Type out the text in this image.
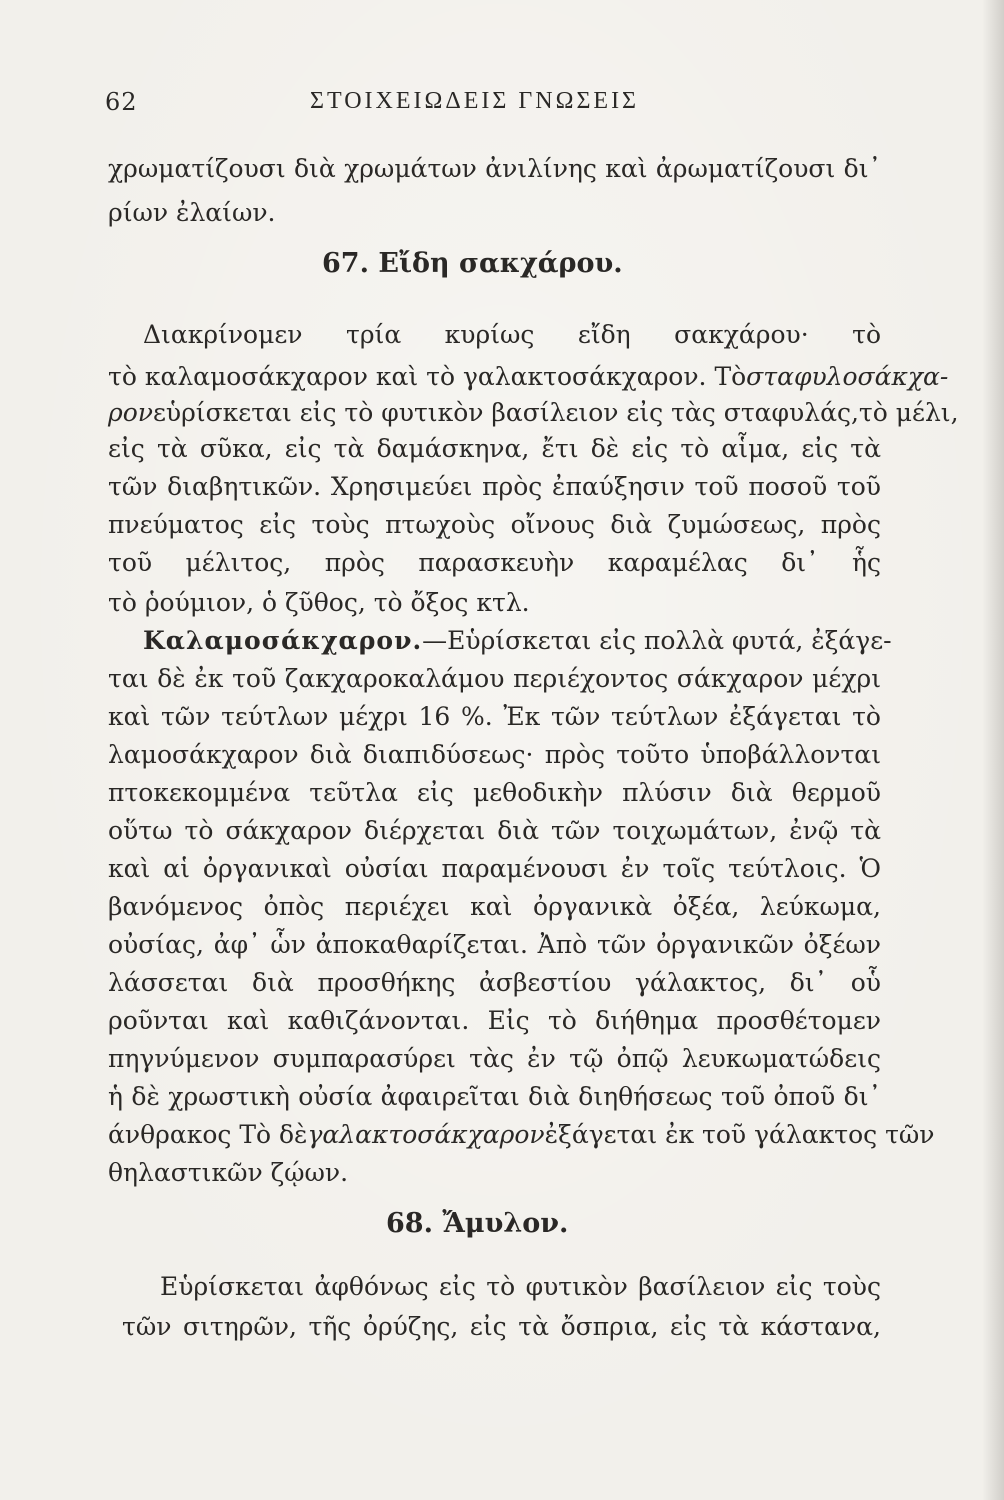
62	ΣΤΟΙΧΕΙΩΔΕΙΣ ΓΝΩΣΕΙΣ
χρωματίζουσι διὰ χρωμάτων ἀνιλίνης καὶ ἀρωματίζουσι δι᾽
ρίων ἐλαίων.
67. Εἴδη σακχάρου.
Διακρίνομεν τρία κυρίως εἴδη σακχάρου· τὸ
τὸ καλαμοσάκχαρον καὶ τὸ γαλακτοσάκχαρον. Τὸ σταφυλοσάκχα-
ρον εὑρίσκεται εἰς τὸ φυτικὸν βασίλειον εἰς τὰς σταφυλάς,τὸ μέλι,
εἰς τὰ σῦκα, εἰς τὰ δαμάσκηνα, ἔτι δὲ εἰς τὸ αἷμα, εἰς τὰ
τῶν διαβητικῶν. Χρησιμεύει πρὸς ἐπαύξησιν τοῦ ποσοῦ τοῦ
πνεύματος εἰς τοὺς πτωχοὺς οἴνους διὰ ζυμώσεως, πρὸς
τοῦ μέλιτος, πρὸς παρασκευὴν καραμέλας δι᾽ ἧς
τὸ ῥούμιον, ὁ ζῦθος, τὸ ὄξος κτλ.
Καλαμοσάκχαρον. —Εὑρίσκεται εἰς πολλὰ φυτά, ἐξάγε-
ται δὲ ἐκ τοῦ ζακχαροκαλάμου περιέχοντος σάκχαρον μέχρι
καὶ τῶν τεύτλων μέχρι 16 %. Ἐκ τῶν τεύτλων ἐξάγεται τὸ
λαμοσάκχαρον διὰ διαπιδύσεως· πρὸς τοῦτο ὑποβάλλονται
πτοκεκομμένα τεῦτλα εἰς μεθοδικὴν πλύσιν διὰ θερμοῦ
οὕτω τὸ σάκχαρον διέρχεται διὰ τῶν τοιχωμάτων, ἐνῷ τὰ
καὶ αἱ ὀργανικαὶ οὐσίαι παραμένουσι ἐν τοῖς τεύτλοις. Ὁ
βανόμενος ὀπὸς περιέχει καὶ ὀργανικὰ ὀξέα, λεύκωμα,
οὐσίας, ἀφ᾽ ὧν ἀποκαθαρίζεται. Ἀπὸ τῶν ὀργανικῶν ὀξέων
λάσσεται διὰ προσθήκης ἀσβεστίου γάλακτος, δι᾽ οὗ
ροῦνται καὶ καθιζάνονται. Εἰς τὸ διήθημα προσθέτομεν
πηγνύμενον συμπαρασύρει τὰς ἐν τῷ ὀπῷ λευκωματώδεις
ἡ δὲ χρωστικὴ οὐσία ἀφαιρεῖται διὰ διηθήσεως τοῦ ὀποῦ δι᾽
άνθρακος Τὸ δὲ γαλακτοσάκχαρον ἐξάγεται ἐκ τοῦ γάλακτος τῶν
θηλαστικῶν ζῴων.
68. Ἄμυλον.
Εὑρίσκεται ἀφθόνως εἰς τὸ φυτικὸν βασίλειον εἰς τοὺς
τῶν σιτηρῶν, τῆς ὀρύζης, εἰς τὰ ὄσπρια, εἰς τὰ κάστανα,
